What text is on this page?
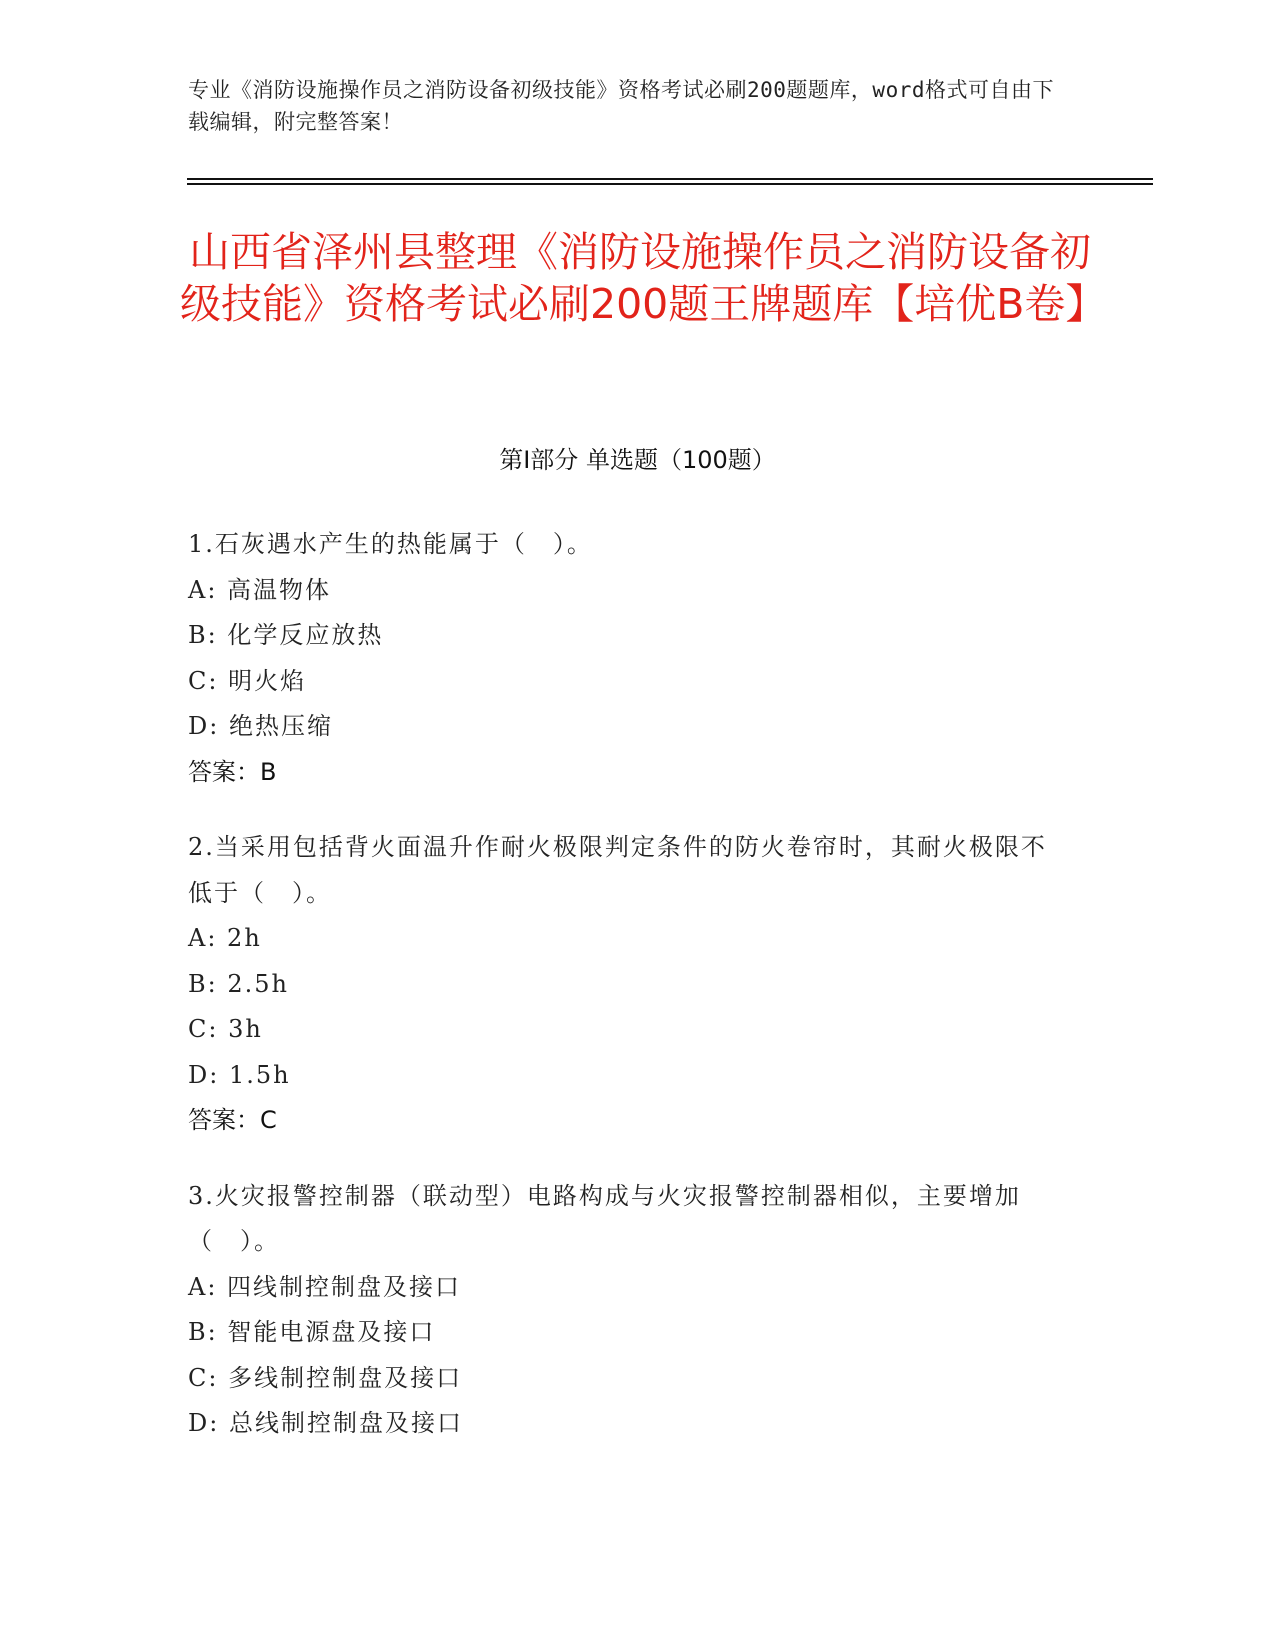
专业《消防设施操作员之消防设备初级技能》资格考试必刷200题题库，word格式可自由下载编辑，附完整答案！
山西省泽州县整理《消防设施操作员之消防设备初级技能》资格考试必刷200题王牌题库【培优B卷】
第I部分 单选题（100题）

1.石灰遇水产生的热能属于（　）。

A: 高温物体

B: 化学反应放热

C: 明火焰

D: 绝热压缩

答案：B

2.当采用包括背火面温升作耐火极限判定条件的防火卷帘时，其耐火极限不低于（　）。

A: 2h

B: 2.5h

C: 3h

D: 1.5h

答案：C

3.火灾报警控制器（联动型）电路构成与火灾报警控制器相似，主要增加（　）。

A: 四线制控制盘及接口

B: 智能电源盘及接口

C: 多线制控制盘及接口

D: 总线制控制盘及接口
